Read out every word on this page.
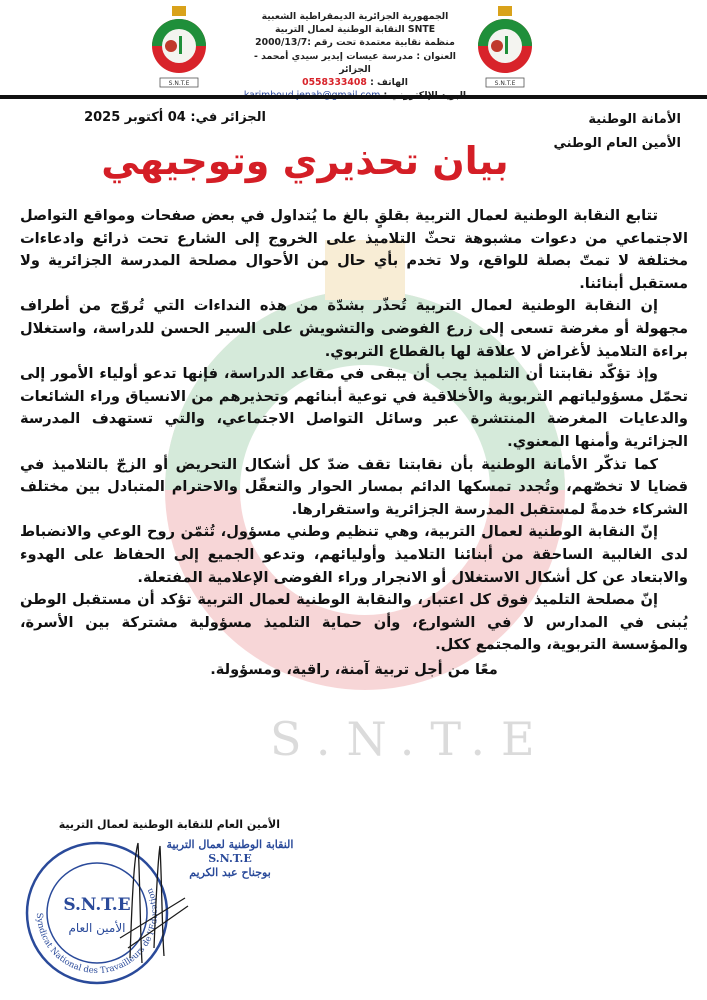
S.N.T.E
الجمهورية الجزائرية الديمقراطية الشعبية
SNTE النقابة الوطنية لعمال التربية
منظمة نقابية معتمدة تحت رقم :2000/13/7
العنوان : مدرسة عيسات إيدير سيدي أمحمد - الجزائر
الهاتف : 0558333408	S.N.T.E
الأمانة الوطنية
الأمين العام الوطني
الجزائر في: 04 أكتوبر 2025
بيان تحذيري وتوجيهي
S.N.T.E

تتابع النقابة الوطنية لعمال التربية بقلقٍ بالغ ما يُتداول في بعض صفحات ومواقع التواصل الاجتماعي من دعوات مشبوهة تحثّ التلاميذ على الخروج إلى الشارع تحت ذرائع وادعاءات مختلفة لا تمتّ بصلة للواقع، ولا تخدم بأي حال من الأحوال مصلحة المدرسة الجزائرية ولا مستقبل أبنائنا.

إن النقابة الوطنية لعمال التربية تُحذّر بشدّة من هذه النداءات التي تُروّج من أطراف مجهولة أو مغرضة تسعى إلى زرع الفوضى والتشويش على السير الحسن للدراسة، واستغلال براءة التلاميذ لأغراض لا علاقة لها بالقطاع التربوي.

وإذ تؤكّد نقابتنا أن التلميذ يجب أن يبقى في مقاعد الدراسة، فإنها تدعو أولياء الأمور إلى تحمّل مسؤولياتهم التربوية والأخلاقية في توعية أبنائهم وتحذيرهم من الانسياق وراء الشائعات والدعايات المغرضة المنتشرة عبر وسائل التواصل الاجتماعي، والتي تستهدف المدرسة الجزائرية وأمنها المعنوي.

كما تذكّر الأمانة الوطنية بأن نقابتنا تقف ضدّ كل أشكال التحريض أو الزجّ بالتلاميذ في قضايا لا تخصّهم، وتُجدد تمسكها الدائم بمسار الحوار والتعقّل والاحترام المتبادل بين مختلف الشركاء خدمةً لمستقبل المدرسة الجزائرية واستقرارها.

إنّ النقابة الوطنية لعمال التربية، وهي تنظيم وطني مسؤول، تُثمّن روح الوعي والانضباط لدى الغالبية الساحقة من أبنائنا التلاميذ وأوليائهم، وتدعو الجميع إلى الحفاظ على الهدوء والابتعاد عن كل أشكال الاستغلال أو الانجرار وراء الفوضى الإعلامية المفتعلة.

إنّ مصلحة التلميذ فوق كل اعتبار، والنقابة الوطنية لعمال التربية تؤكد أن مستقبل الوطن يُبنى في المدارس لا في الشوارع، وأن حماية التلميذ مسؤولية مشتركة بين الأسرة، والمؤسسة التربوية، والمجتمع ككل.

معًا من أجل تربية آمنة، راقية، ومسؤولة.

الأمين العام للنقابة الوطنية لعمال التربية
Syndicat National des Travailleurs de l'Education
S.N.T.E
الأمين العام
النقابة الوطنية لعمال التربية
S.N.T.E
بوجناح عبد الكريم
